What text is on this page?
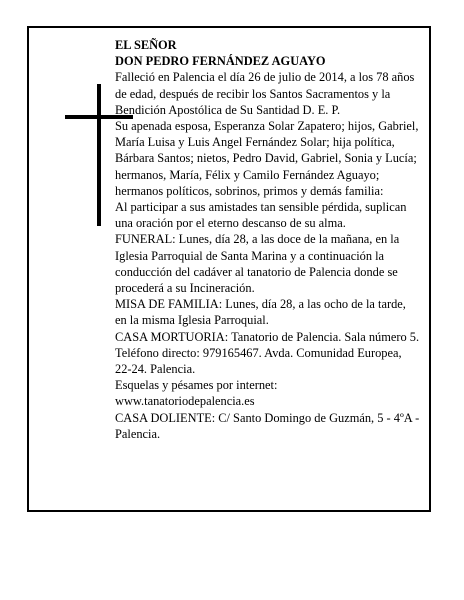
EL SEÑOR

DON PEDRO FERNÁNDEZ AGUAYO

Falleció en Palencia el día 26 de julio de 2014, a los 78 años de edad, después de recibir los Santos Sacramentos y la Bendición Apostólica de Su Santidad D. E. P.

Su apenada esposa, Esperanza Solar Zapatero; hijos, Gabriel, María Luisa y Luis Angel Fernández Solar; hija política, Bárbara Santos; nietos, Pedro David, Gabriel, Sonia y Lucía; hermanos, María, Félix y Camilo Fernández Aguayo; hermanos políticos, sobrinos, primos y demás familia:

Al participar a sus amistades tan sensible pérdida, suplican una oración por el eterno descanso de su alma.

FUNERAL: Lunes, día 28, a las doce de la mañana, en la Iglesia Parroquial de Santa Marina y a continuación la conducción del cadáver al tanatorio de Palencia donde se procederá a su Incineración.

MISA DE FAMILIA: Lunes, día 28, a las ocho de la tarde, en la misma Iglesia Parroquial.

CASA MORTUORIA: Tanatorio de Palencia. Sala número 5. Teléfono directo: 979165467. Avda. Comunidad Europea, 22-24. Palencia.

Esquelas y pésames por internet: www.tanatoriodepalencia.es

CASA DOLIENTE: C/ Santo Domingo de Guzmán, 5 - 4ºA - Palencia.
